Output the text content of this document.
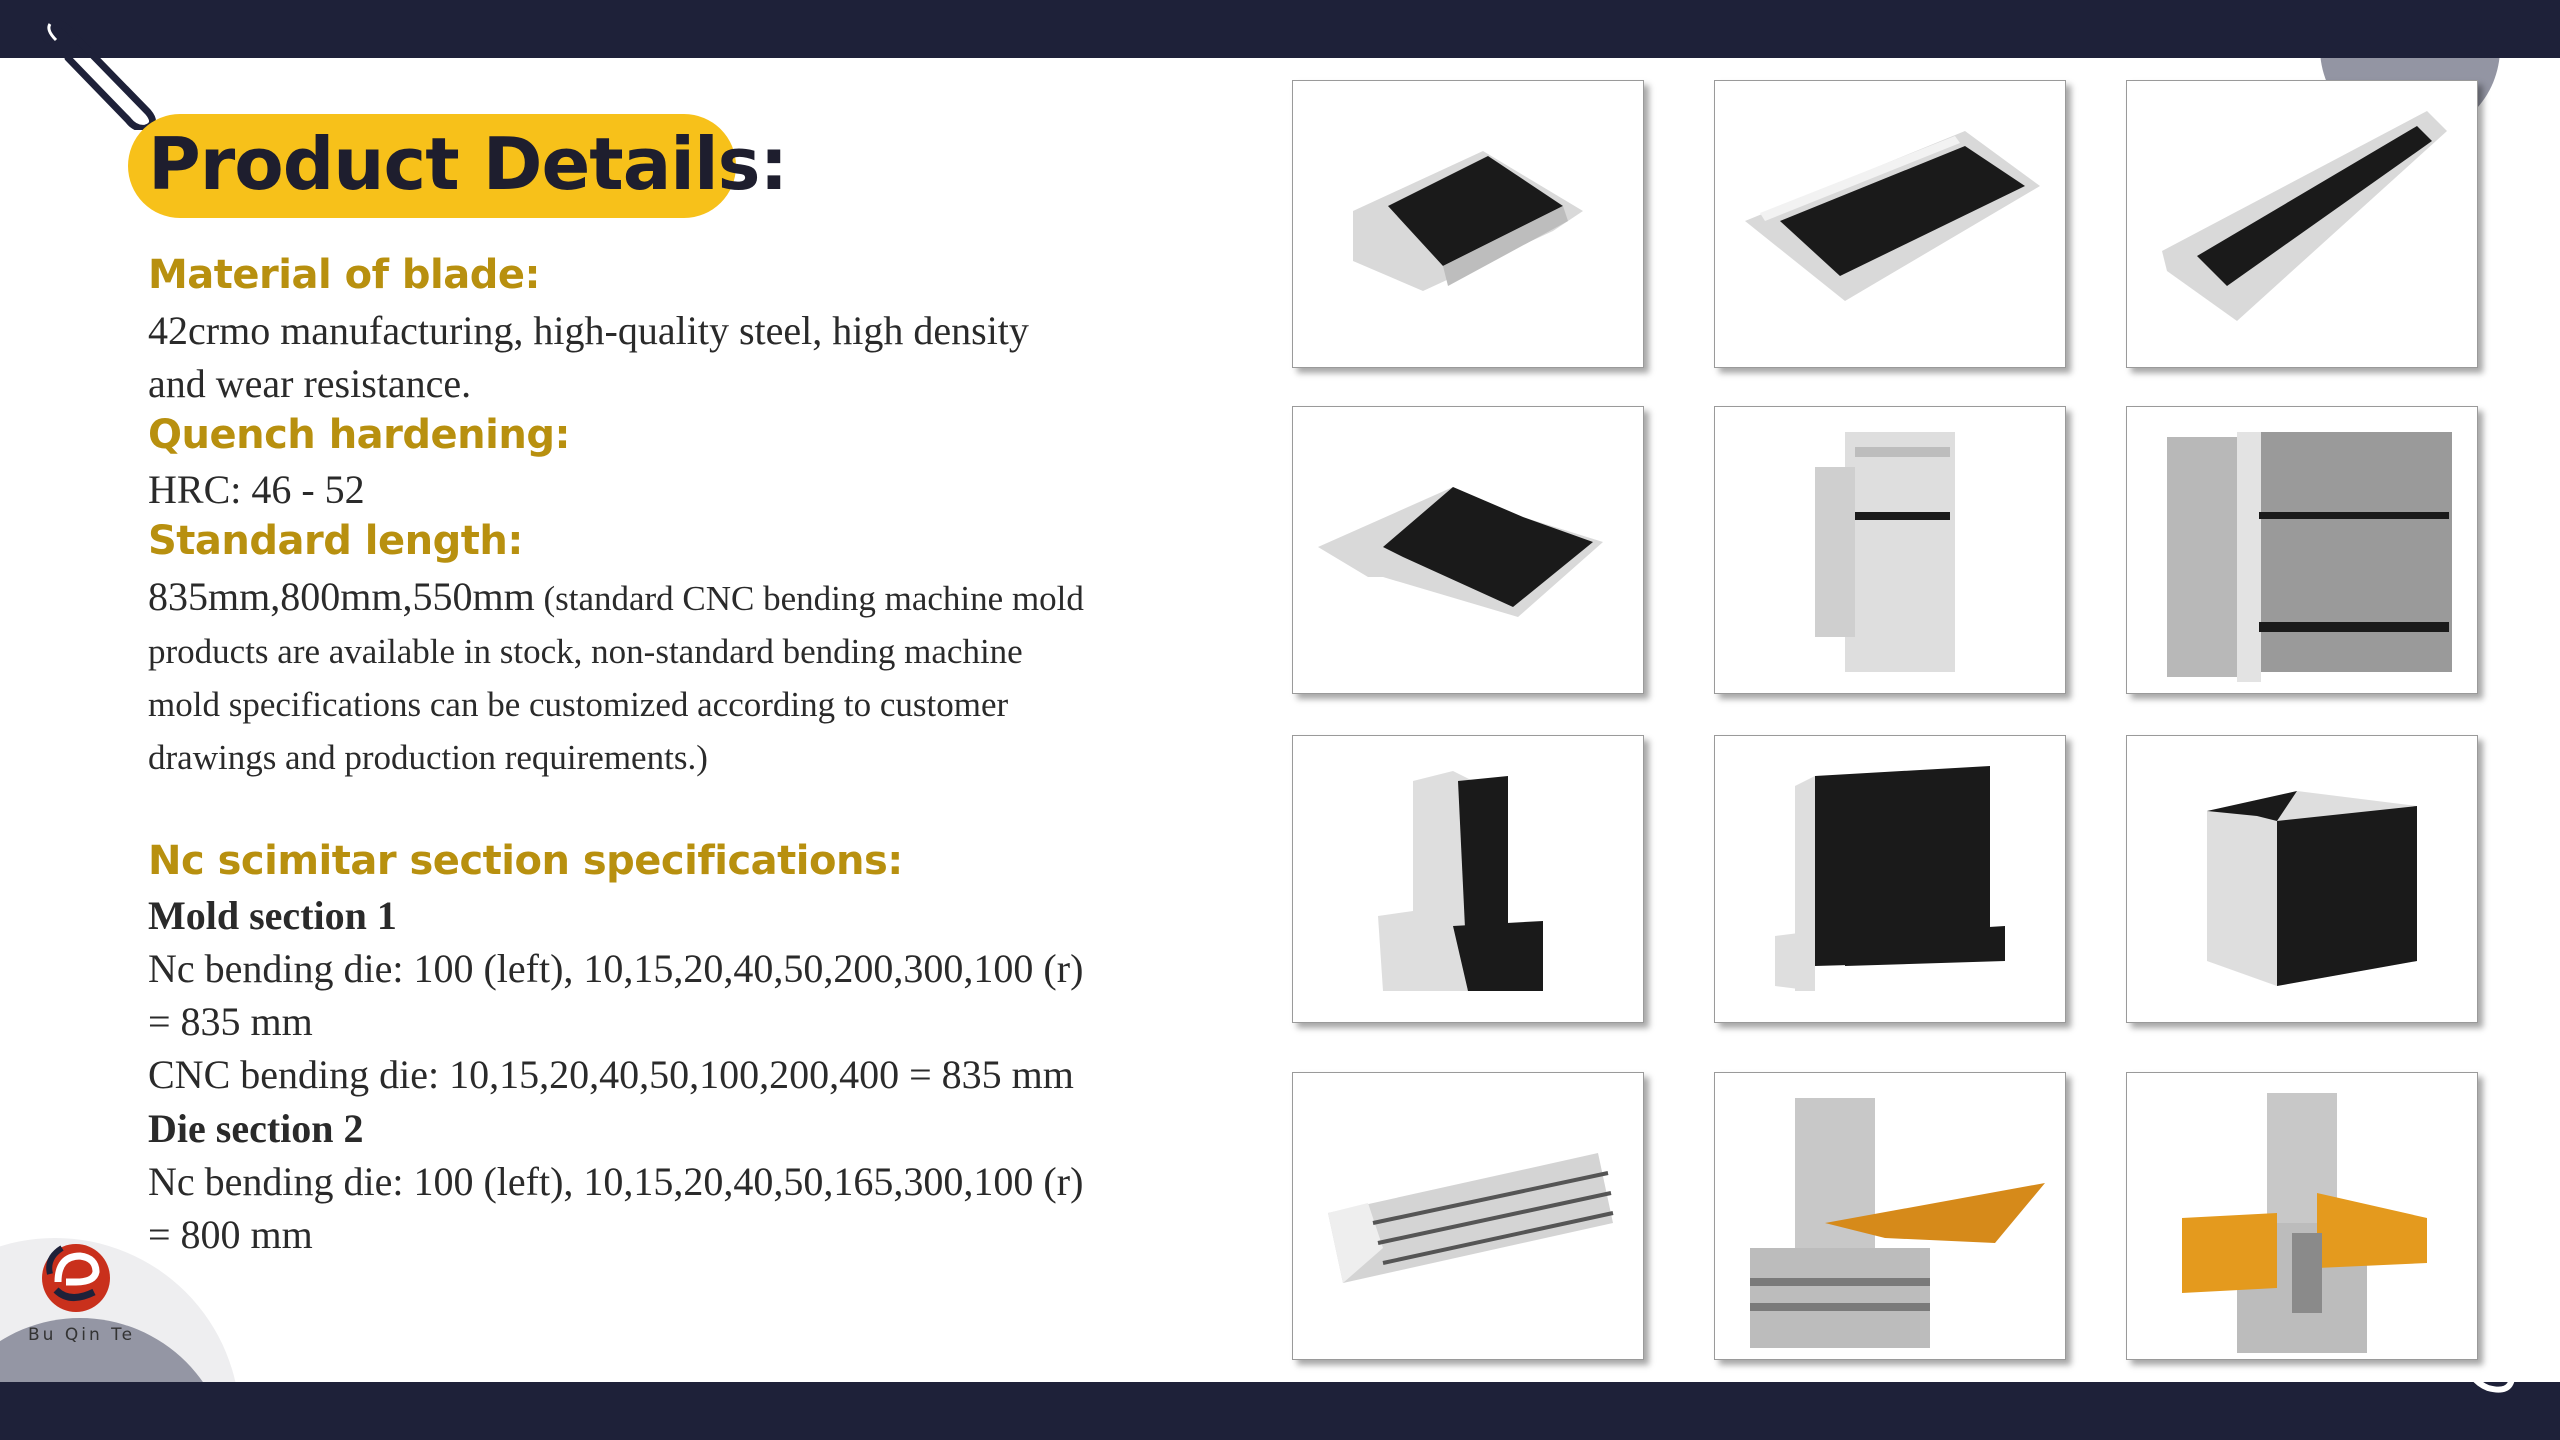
Product Details:
Material of blade:
42crmo manufacturing, high-quality steel, high density
and wear resistance.
Quench hardening:
HRC: 46 - 52
Standard length:
835mm,800mm,550mm (standard CNC bending machine mold
products are available in stock, non-standard bending machine
mold specifications can be customized according to customer
drawings and production requirements.)
Nc scimitar section specifications:
Mold section 1
Nc bending die: 100 (left), 10,15,20,40,50,200,300,100 (r)
= 835 mm
CNC bending die: 10,15,20,40,50,100,200,400 = 835 mm
Die section 2
Nc bending die: 100 (left), 10,15,20,40,50,165,300,100 (r)
= 800 mm
Bu Qin Te
